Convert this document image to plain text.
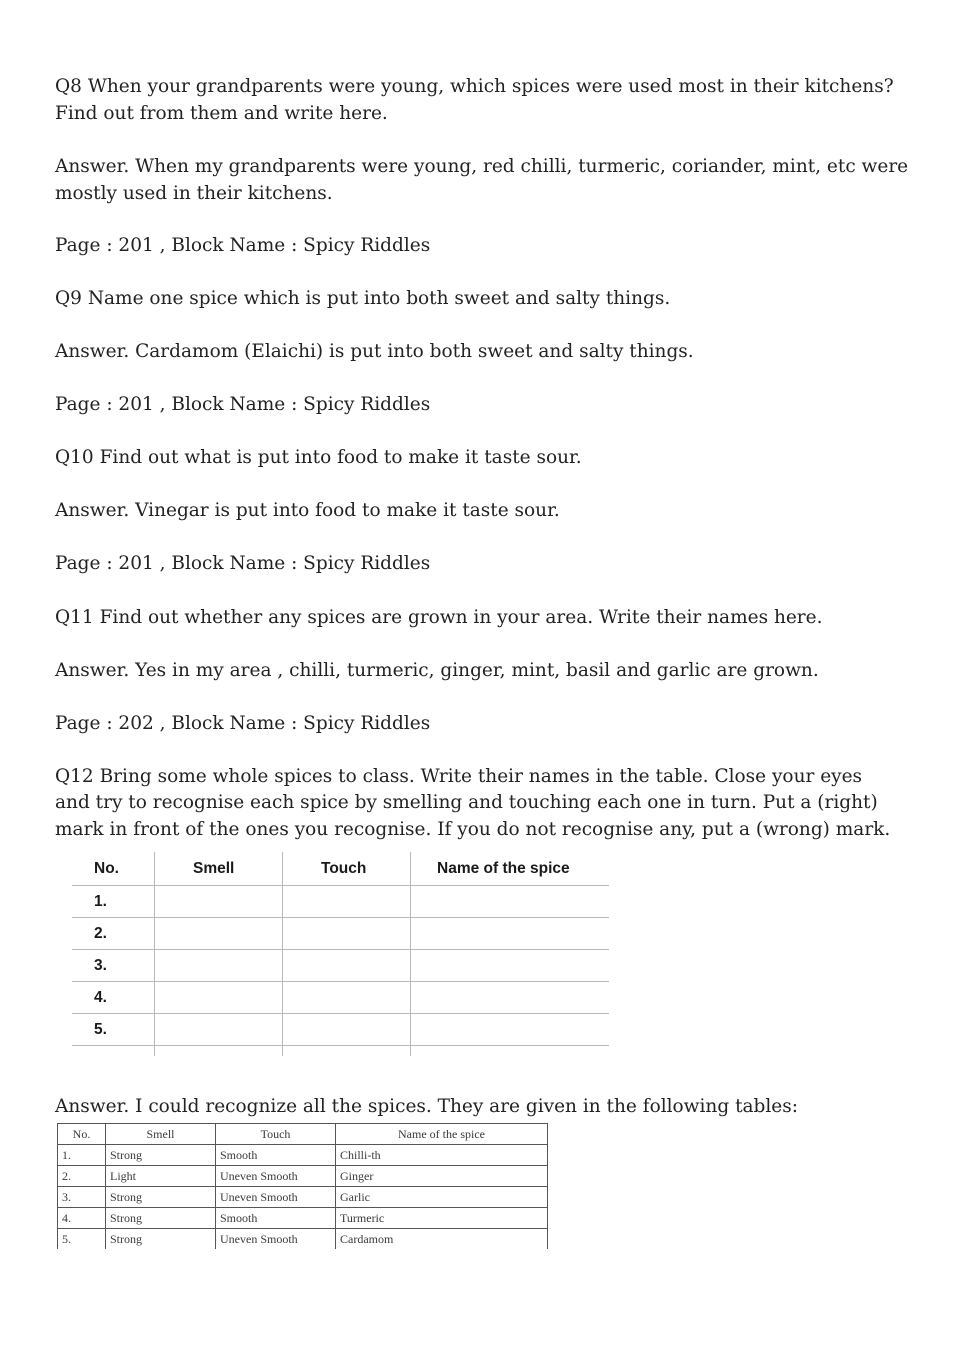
Q8 When your grandparents were young, which spices were used most in their kitchens? Find out from them and write here.

Answer. When my grandparents were young, red chilli, turmeric, coriander, mint, etc were mostly used in their kitchens.

Page : 201 , Block Name : Spicy Riddles

Q9 Name one spice which is put into both sweet and salty things.

Answer. Cardamom (Elaichi) is put into both sweet and salty things.

Page : 201 , Block Name : Spicy Riddles

Q10 Find out what is put into food to make it taste sour.

Answer. Vinegar is put into food to make it taste sour.

Page : 201 , Block Name : Spicy Riddles

Q11 Find out whether any spices are grown in your area. Write their names here.

Answer. Yes in my area , chilli, turmeric, ginger, mint, basil and garlic are grown.

Page : 202 , Block Name : Spicy Riddles

Q12 Bring some whole spices to class. Write their names in the table. Close your eyes

and try to recognise each spice by smelling and touching each one in turn. Put a (right) mark in front of the ones you recognise. If you do not recognise any, put a (wrong) mark.

No.	Smell	Touch	Name of the spice
1.			
2.			
3.			
4.			
5.			

Answer. I could recognize all the spices. They are given in the following tables:

No.	Smell	Touch	Name of the spice
1.	Strong	Smooth	Chilli-th
2.	Light	Uneven Smooth	Ginger
3.	Strong	Uneven Smooth	Garlic
4.	Strong	Smooth	Turmeric
5.	Strong	Uneven Smooth	Cardamom
